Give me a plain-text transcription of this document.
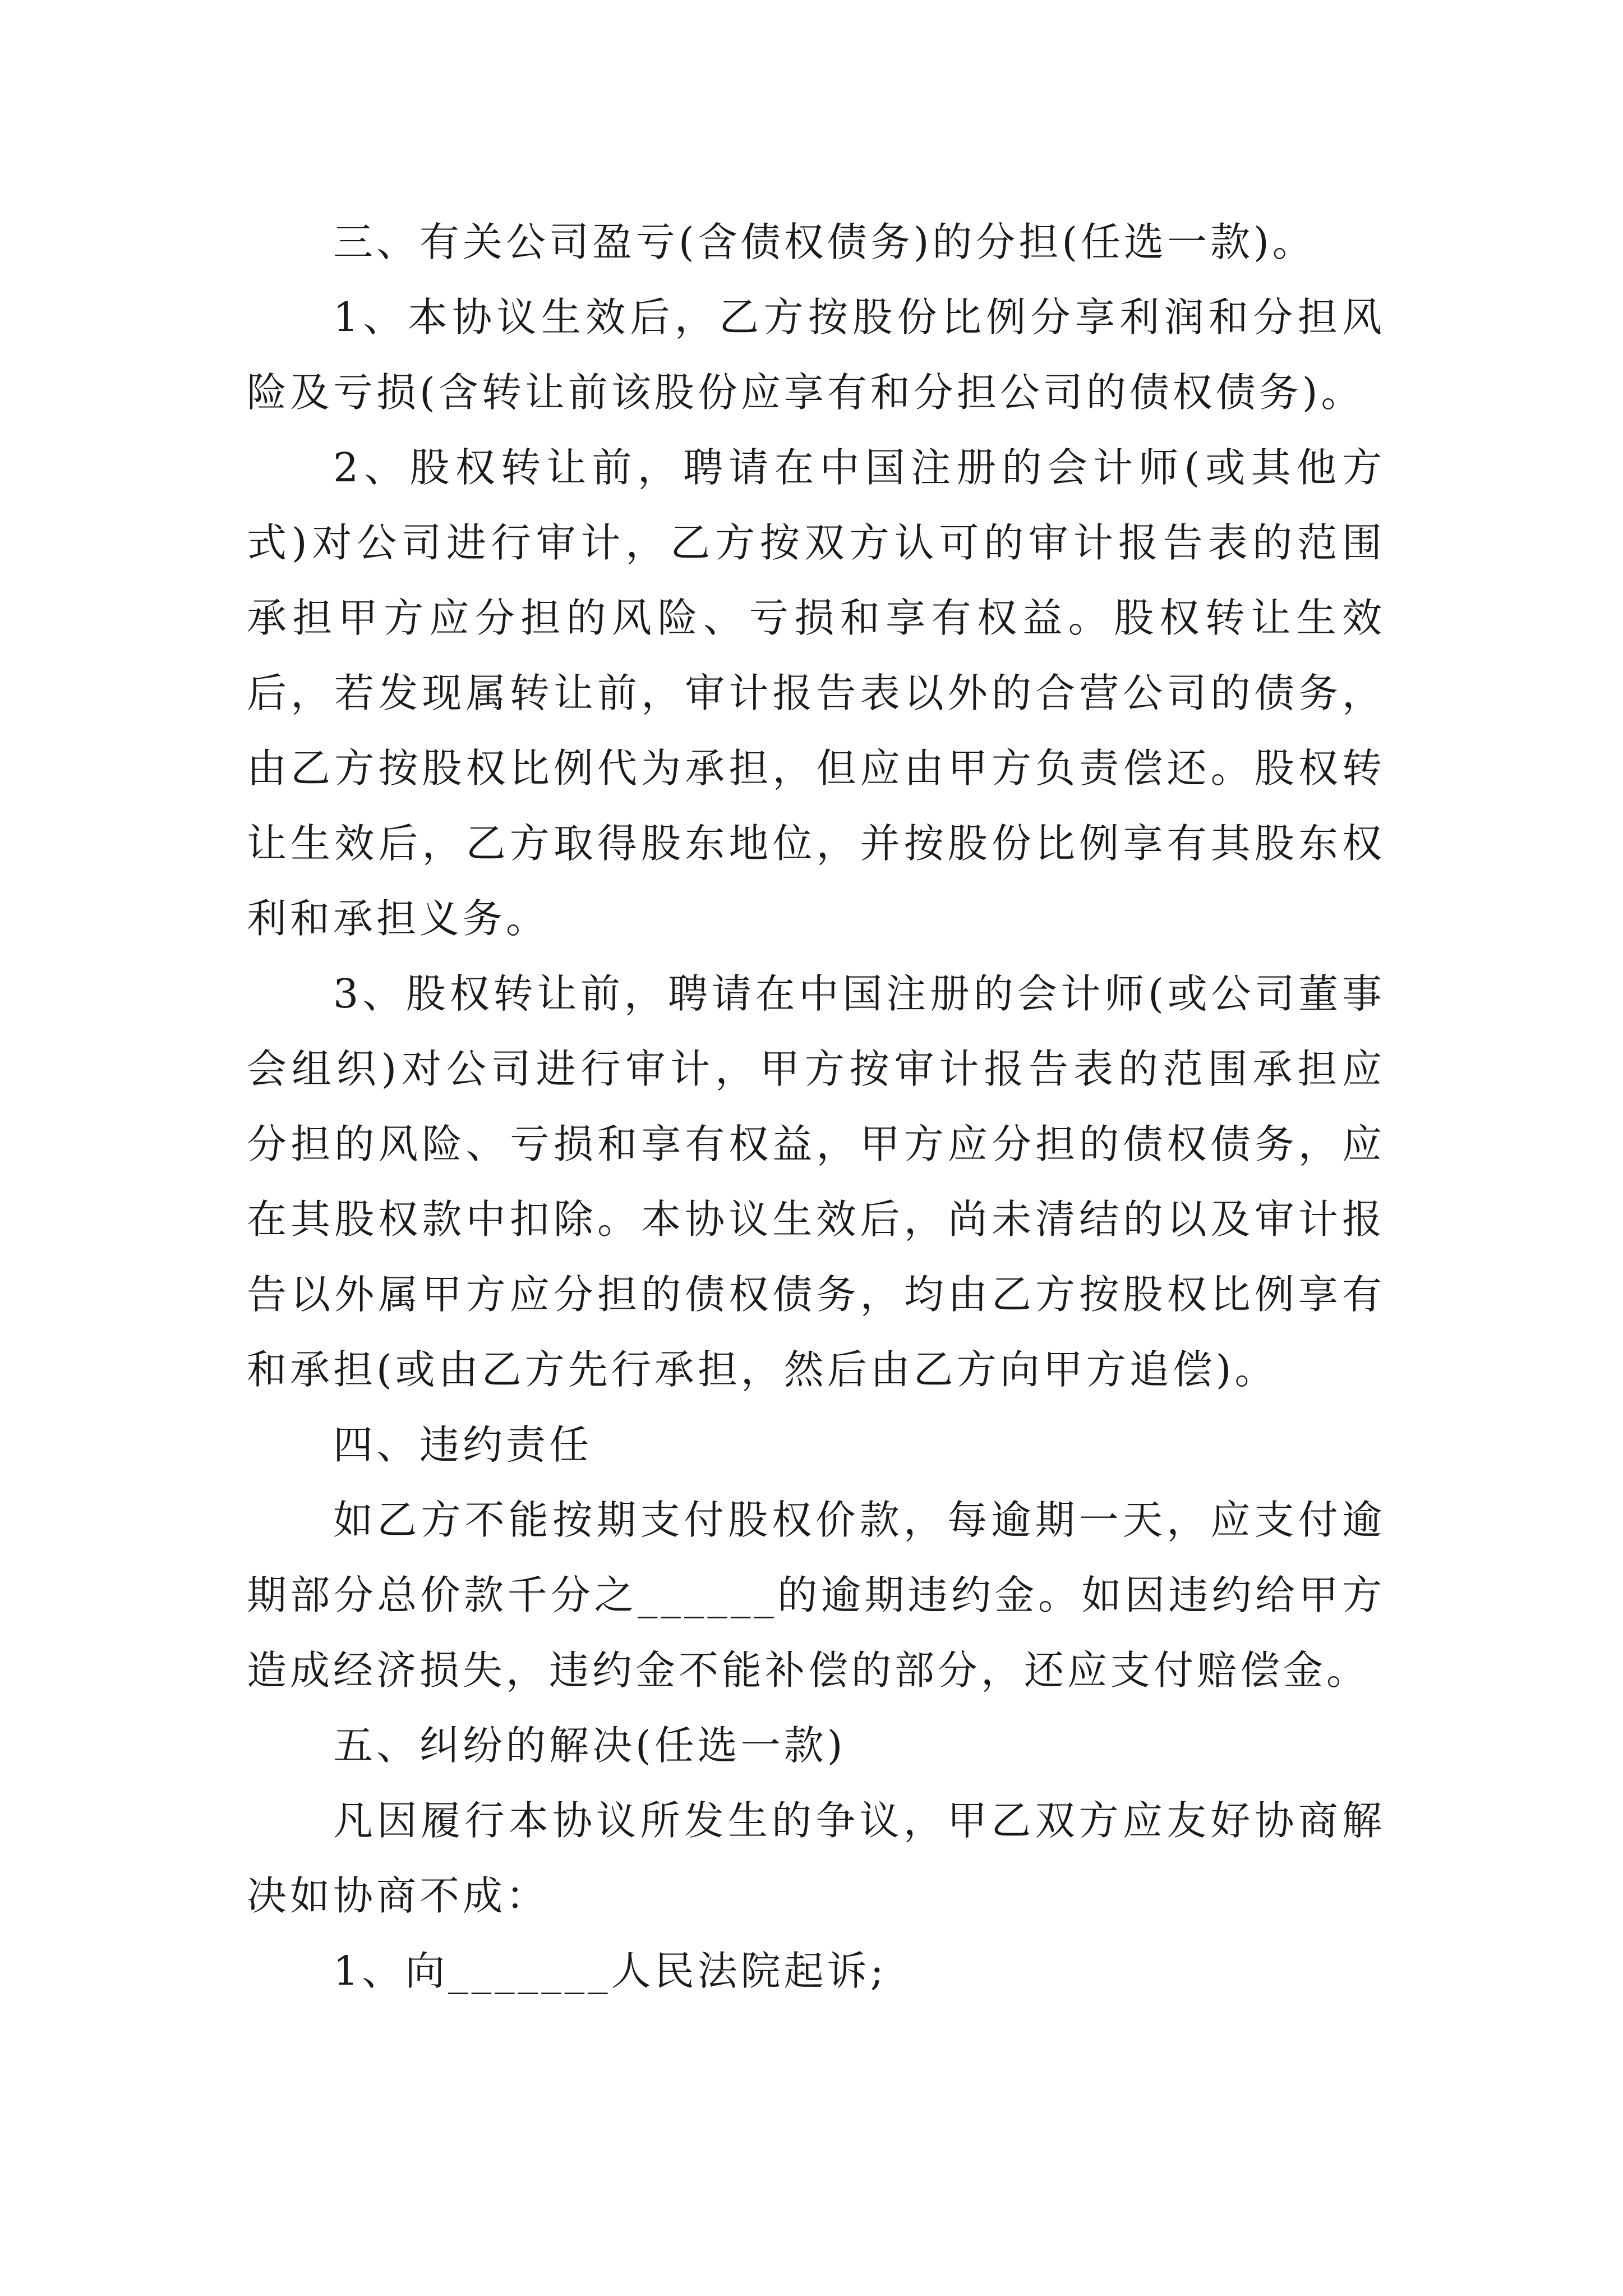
三、有关公司盈亏(含债权债务)的分担(任选一款)。

1、本协议生效后，乙方按股份比例分享利润和分担风险及亏损(含转让前该股份应享有和分担公司的债权债务)。

2、股权转让前，聘请在中国注册的会计师(或其他方式)对公司进行审计，乙方按双方认可的审计报告表的范围承担甲方应分担的风险、亏损和享有权益。股权转让生效后，若发现属转让前，审计报告表以外的合营公司的债务，由乙方按股权比例代为承担，但应由甲方负责偿还。股权转让生效后，乙方取得股东地位，并按股份比例享有其股东权利和承担义务。

3、股权转让前，聘请在中国注册的会计师(或公司董事会组织)对公司进行审计，甲方按审计报告表的范围承担应分担的风险、亏损和享有权益，甲方应分担的债权债务，应在其股权款中扣除。本协议生效后，尚未清结的以及审计报告以外属甲方应分担的债权债务，均由乙方按股权比例享有和承担(或由乙方先行承担，然后由乙方向甲方追偿)。

四、违约责任

如乙方不能按期支付股权价款，每逾期一天，应支付逾期部分总价款千分之______的逾期违约金。如因违约给甲方造成经济损失，违约金不能补偿的部分，还应支付赔偿金。

五、纠纷的解决(任选一款)

凡因履行本协议所发生的争议，甲乙双方应友好协商解决如协商不成：

1、向_______人民法院起诉;
